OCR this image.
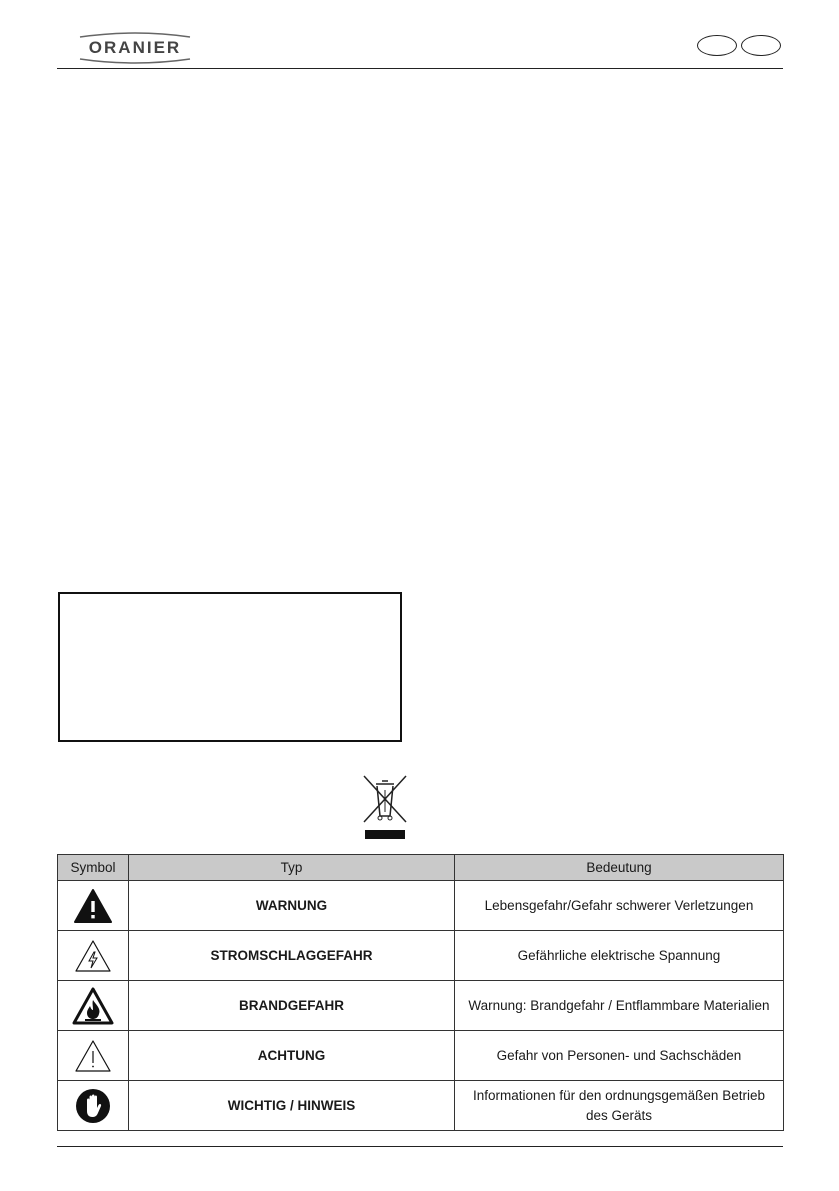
ORANIER
Symbol	Typ	Bedeutung
	WARNUNG	Lebensgefahr/Gefahr schwerer Verletzungen
	STROMSCHLAGGEFAHR	Gefährliche elektrische Spannung
	BRANDGEFAHR	Warnung: Brandgefahr / Entflammbare Materialien
	ACHTUNG	Gefahr von Personen- und Sachschäden
	WICHTIG / HINWEIS	Informationen für den ordnungsgemäßen Betrieb des Geräts
